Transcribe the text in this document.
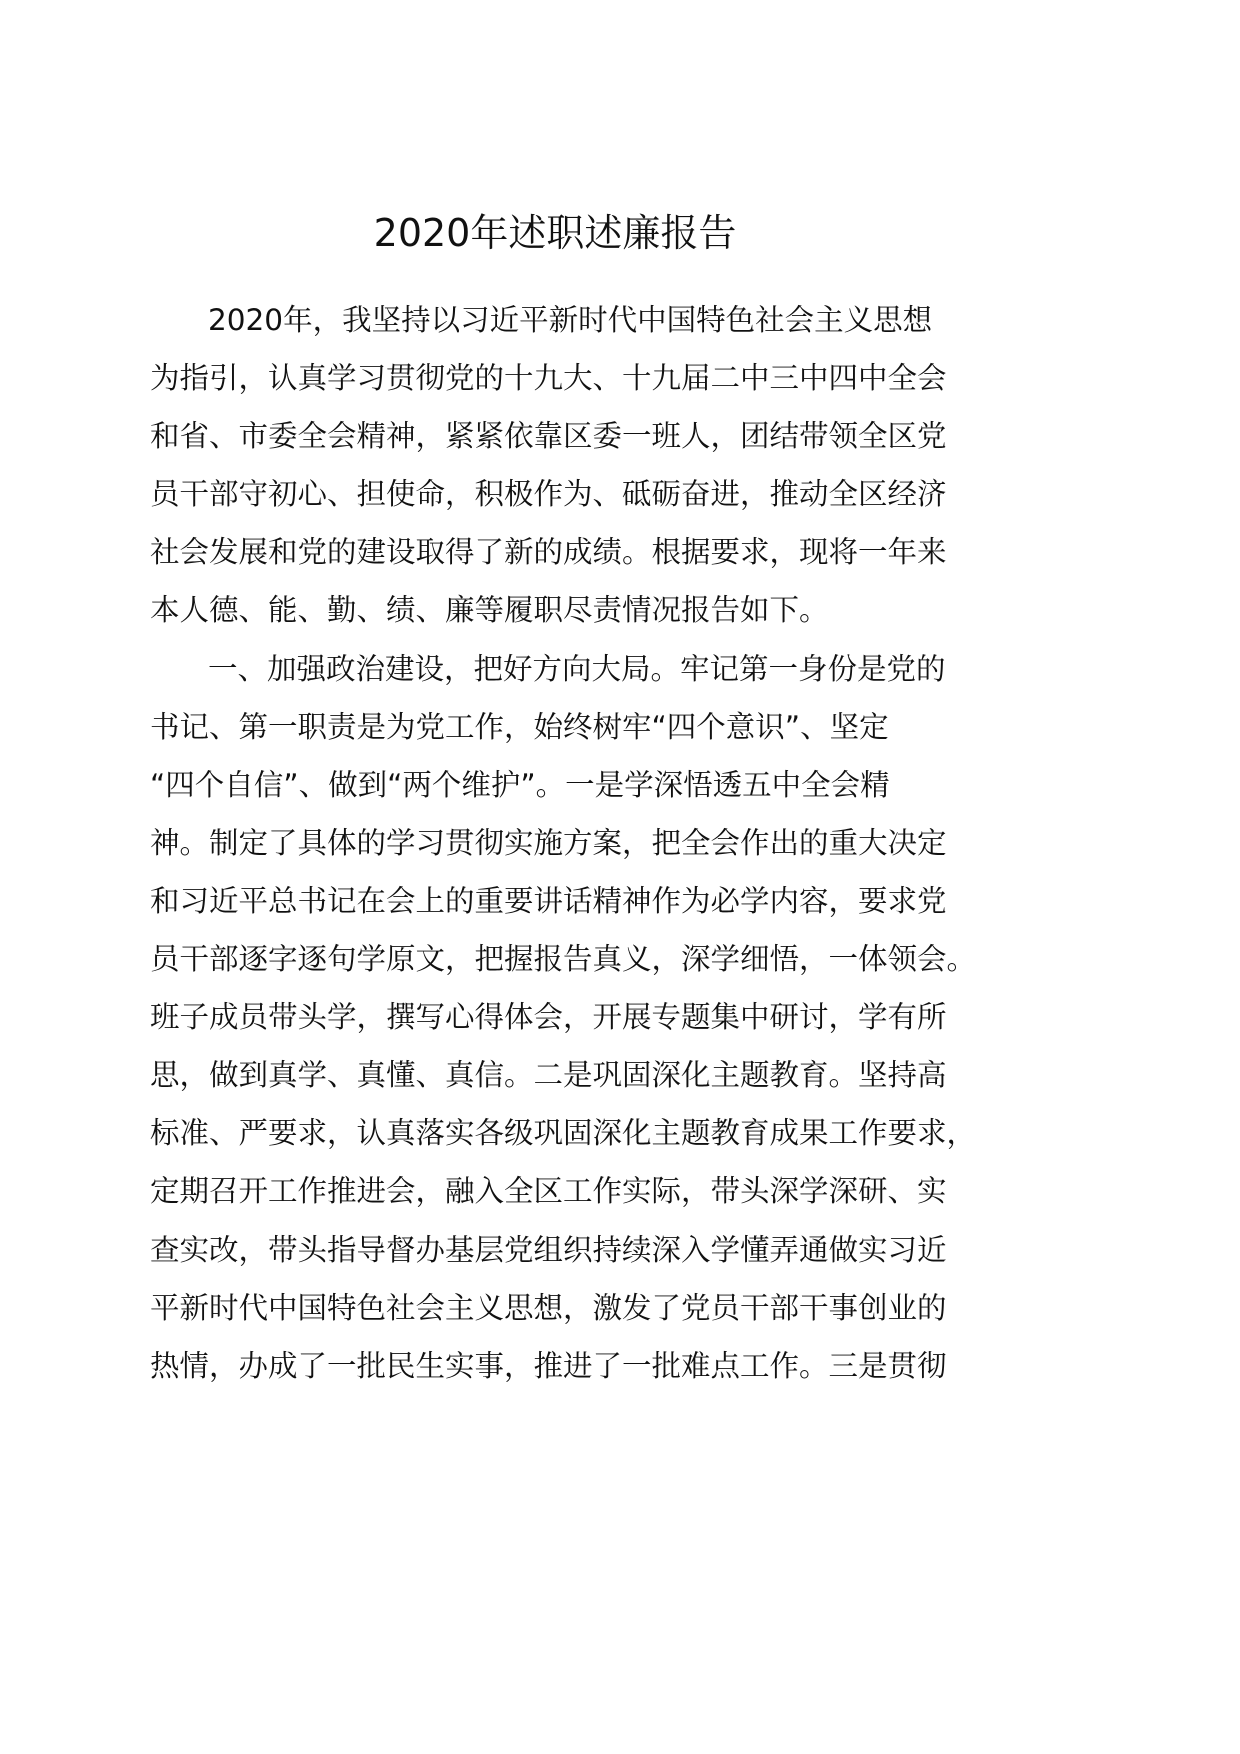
2020年述职述廉报告
2020年，我坚持以习近平新时代中国特色社会主义思想
为指引，认真学习贯彻党的十九大、十九届二中三中四中全会
和省、市委全会精神，紧紧依靠区委一班人，团结带领全区党
员干部守初心、担使命，积极作为、砥砺奋进，推动全区经济
社会发展和党的建设取得了新的成绩。根据要求，现将一年来
本人德、能、勤、绩、廉等履职尽责情况报告如下。
一、加强政治建设，把好方向大局。牢记第一身份是党的
书记、第一职责是为党工作，始终树牢“四个意识”、坚定
“四个自信”、做到“两个维护”。一是学深悟透五中全会精
神。制定了具体的学习贯彻实施方案，把全会作出的重大决定
和习近平总书记在会上的重要讲话精神作为必学内容，要求党
员干部逐字逐句学原文，把握报告真义，深学细悟，一体领会。
班子成员带头学，撰写心得体会，开展专题集中研讨，学有所
思，做到真学、真懂、真信。二是巩固深化主题教育。坚持高
标准、严要求，认真落实各级巩固深化主题教育成果工作要求，
定期召开工作推进会，融入全区工作实际，带头深学深研、实
查实改，带头指导督办基层党组织持续深入学懂弄通做实习近
平新时代中国特色社会主义思想，激发了党员干部干事创业的
热情，办成了一批民生实事，推进了一批难点工作。三是贯彻
